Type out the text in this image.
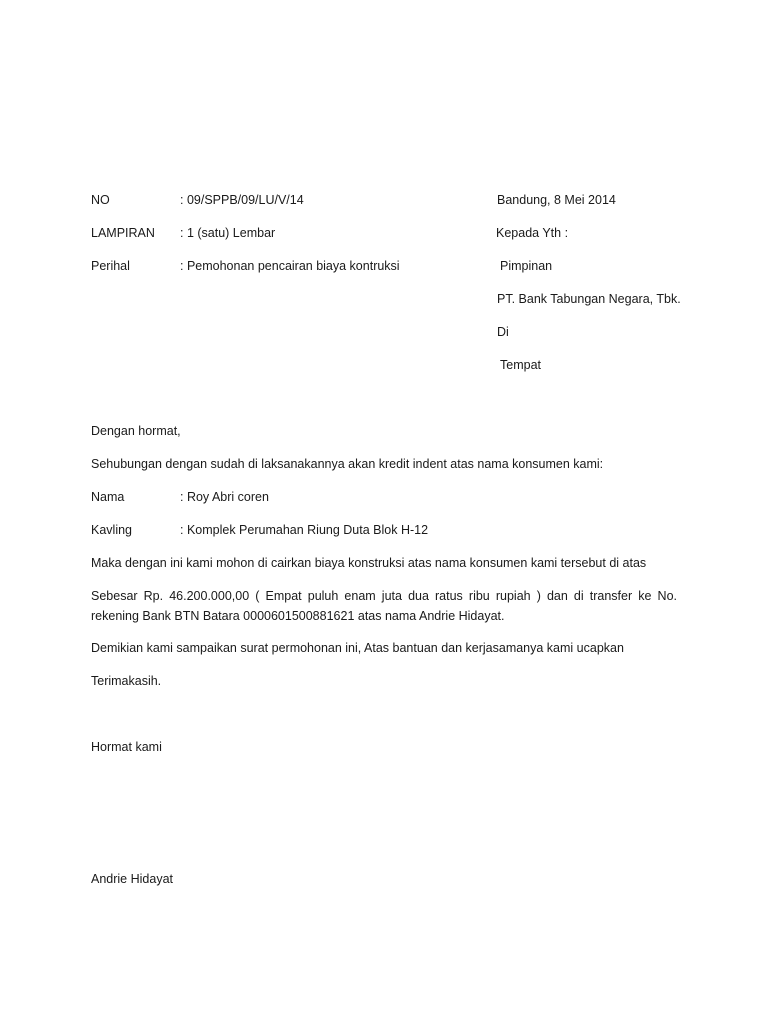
NO	: 09/SPPB/09/LU/V/14
LAMPIRAN : 1 (satu) Lembar
Perihal	: Pemohonan pencairan biaya kontruksi
Bandung, 8 Mei 2014
Kepada Yth :
Pimpinan
PT. Bank Tabungan Negara, Tbk.
Di
Tempat
Dengan hormat,
Sehubungan dengan sudah di laksanakannya akan kredit indent atas nama konsumen kami:
Nama	: Roy Abri coren
Kavling	: Komplek Perumahan Riung Duta Blok H-12
Maka dengan ini kami mohon di cairkan biaya konstruksi atas nama konsumen kami tersebut di atas
Sebesar Rp. 46.200.000,00 ( Empat puluh enam juta dua ratus ribu rupiah ) dan di transfer ke No. rekening Bank BTN Batara 0000601500881621 atas nama Andrie Hidayat.
Demikian kami sampaikan surat permohonan ini, Atas bantuan dan kerjasamanya kami ucapkan
Terimakasih.
Hormat kami
Andrie Hidayat
